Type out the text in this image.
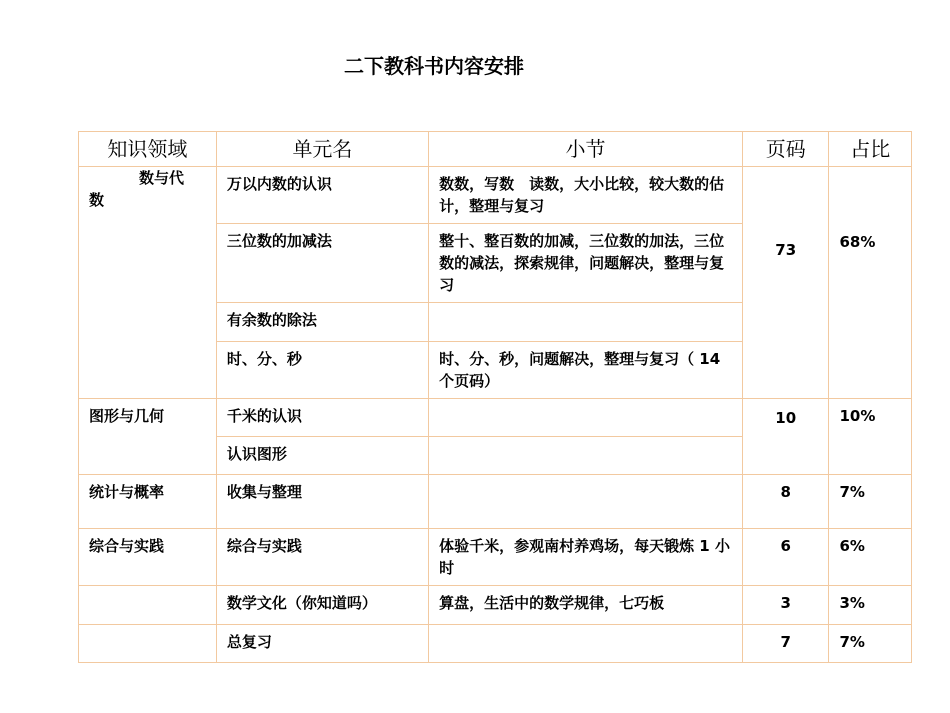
二下教科书内容安排
知识领域	单元名	小节	页码	占比

数与代
数	万以内数的认识	数数，写数　读数，大小比较，较大数的估计，整理与复习	73	68%
	三位数的加减法	整十、整百数的加减，三位数的加法，三位数的减法，探索规律，问题解决，整理与复习		
	有余数的除法			
	时、分、秒	时、分、秒，问题解决，整理与复习（ 14 个页码）		
图形与几何	千米的认识		10	10%
	认识图形			
统计与概率	收集与整理		8	7%
综合与实践	综合与实践	体验千米，参观南村养鸡场，每天锻炼 1 小时	6	6%
	数学文化（你知道吗）	算盘，生活中的数学规律，七巧板	3	3%
	总复习		7	7%
